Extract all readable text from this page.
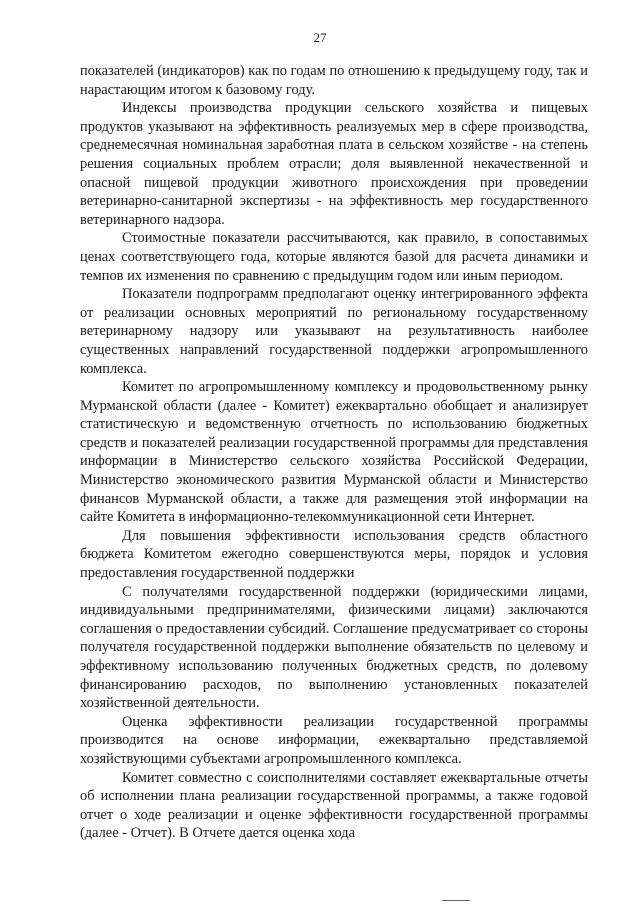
27

показателей (индикаторов) как по годам по отношению к предыдущему году, так и нарастающим итогом к базовому году.

Индексы производства продукции сельского хозяйства и пищевых продуктов указывают на эффективность реализуемых мер в сфере производства, среднемесячная номинальная заработная плата в сельском хозяйстве - на степень решения социальных проблем отрасли; доля выявленной некачественной и опасной пищевой продукции животного происхождения при проведении ветеринарно-санитарной экспертизы - на эффективность мер государственного ветеринарного надзора.

Стоимостные показатели рассчитываются, как правило, в сопоставимых ценах соответствующего года, которые являются базой для расчета динамики и темпов их изменения по сравнению с предыдущим годом или иным периодом.

Показатели подпрограмм предполагают оценку интегрированного эффекта от реализации основных мероприятий по региональному государственному ветеринарному надзору или указывают на результативность наиболее существенных направлений государственной поддержки агропромышленного комплекса.

Комитет по агропромышленному комплексу и продовольственному рынку Мурманской области (далее - Комитет) ежеквартально обобщает и анализирует статистическую и ведомственную отчетность по использованию бюджетных средств и показателей реализации государственной программы для представления информации в Министерство сельского хозяйства Российской Федерации, Министерство экономического развития Мурманской области и Министерство финансов Мурманской области, а также для размещения этой информации на сайте Комитета в информационно-телекоммуникационной сети Интернет.

Для повышения эффективности использования средств областного бюджета Комитетом ежегодно совершенствуются меры, порядок и условия предоставления государственной поддержки

С получателями государственной поддержки (юридическими лицами, индивидуальными предпринимателями, физическими лицами) заключаются соглашения о предоставлении субсидий. Соглашение предусматривает со стороны получателя государственной поддержки выполнение обязательств по целевому и эффективному использованию полученных бюджетных средств, по долевому финансированию расходов, по выполнению установленных показателей хозяйственной деятельности.

Оценка эффективности реализации государственной программы производится на основе информации, ежеквартально представляемой хозяйствующими субъектами агропромышленного комплекса.

Комитет совместно с соисполнителями составляет ежеквартальные отчеты об исполнении плана реализации государственной программы, а также годовой отчет о ходе реализации и оценке эффективности государственной программы (далее - Отчет). В Отчете дается оценка хода
